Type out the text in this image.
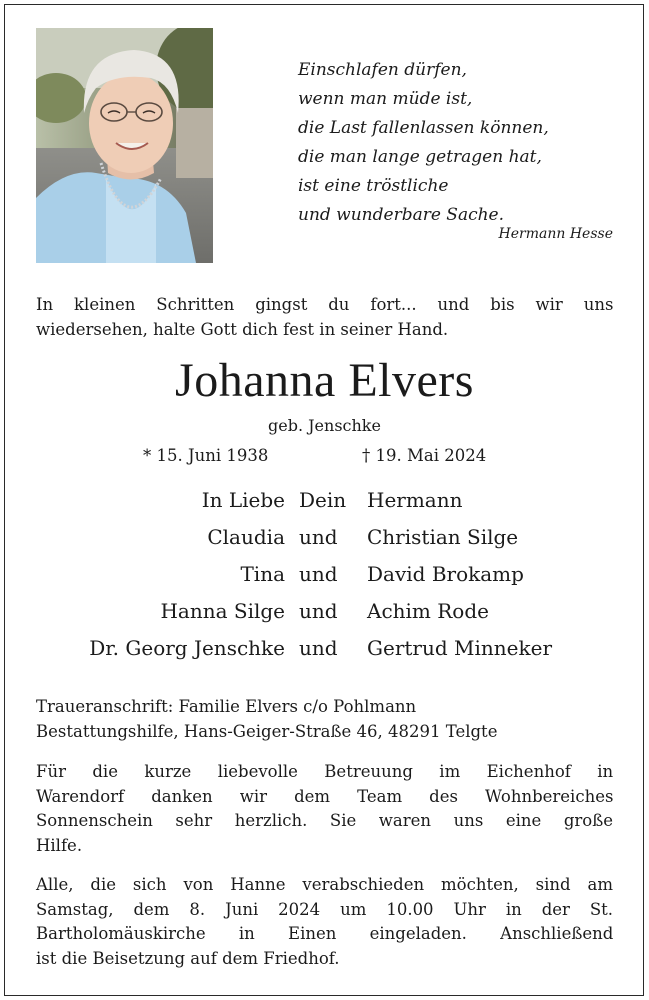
Einschlafen dürfen,
wenn man müde ist,
die Last fallenlassen können,
die man lange getragen hat,
ist eine tröstliche
und wunderbare Sache.
Hermann Hesse
In kleinen Schritten gingst du fort... und bis wir uns
wiedersehen, halte Gott dich fest in seiner Hand.
Johanna Elvers
geb. Jenschke
* 15. Juni 1938	† 19. Mai 2024
In Liebe Dein Hermann
Claudia und Christian Silge
Tina und David Brokamp
Hanna Silge und Achim Rode
Dr. Georg Jenschke und Gertrud Minneker
Traueranschrift: Familie Elvers c/o Pohlmann
Bestattungshilfe, Hans-Geiger-Straße 46, 48291 Telgte
Für die kurze liebevolle Betreuung im Eichenhof in
Warendorf danken wir dem Team des Wohnbereiches
Sonnenschein sehr herzlich. Sie waren uns eine große
Hilfe.
Alle, die sich von Hanne verabschieden möchten, sind am
Samstag, dem 8. Juni 2024 um 10.00 Uhr in der St.
Bartholomäuskirche in Einen eingeladen. Anschließend
ist die Beisetzung auf dem Friedhof.
